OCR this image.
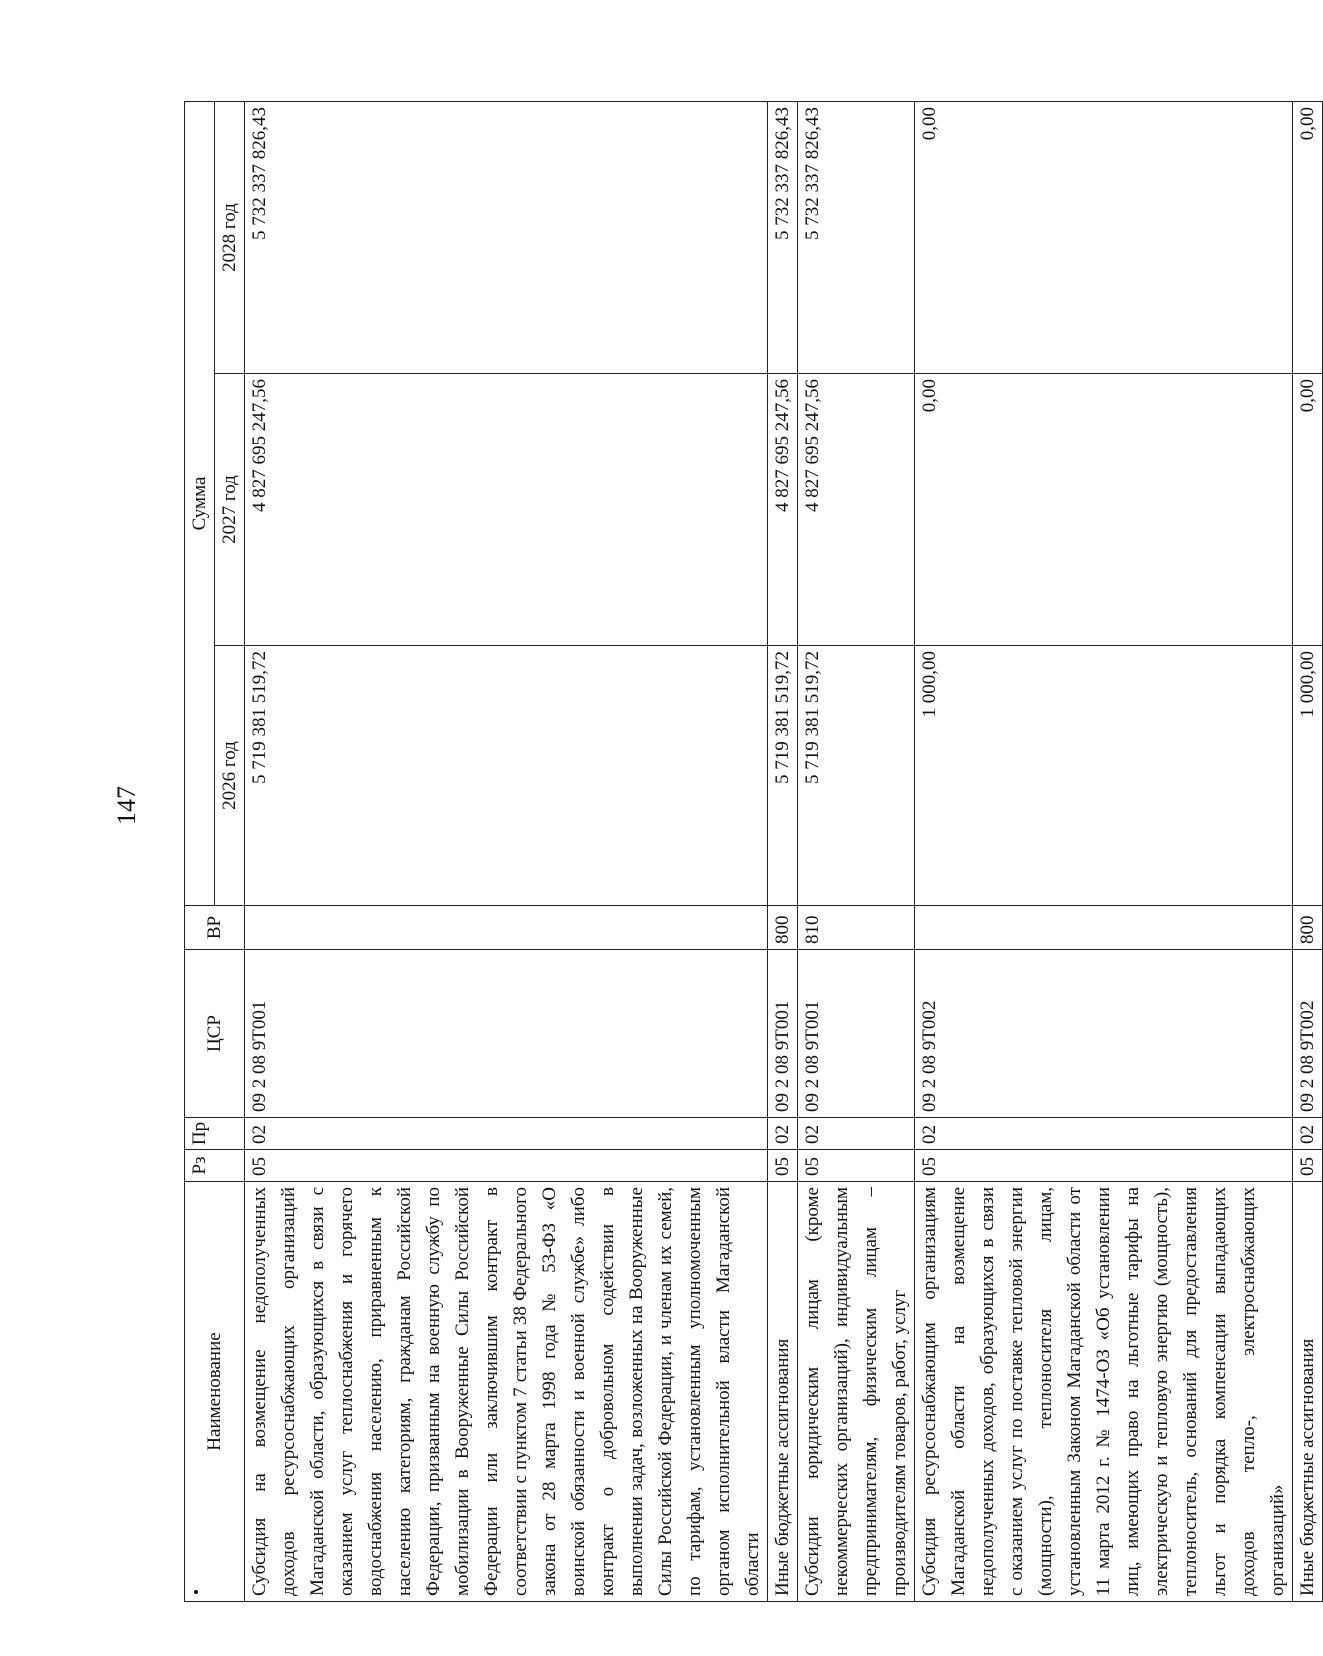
147
Наименование	Рз	Пр	ЦСР	ВР	Сумма		
					2026 год	2027 год	2028 год
Субсидия на возмещение недополученных доходов ресурсоснабжающих организаций Магаданской области, образующихся в связи с оказанием услуг теплоснабжения и горячего водоснабжения населению, приравненным к населению категориям, гражданам Российской Федерации, призванным на военную службу по мобилизации в Вооруженные Силы Российской Федерации или заключившим контракт в соответствии с пунктом 7 статьи 38 Федерального закона от 28 марта 1998 года № 53-ФЗ «О воинской обязанности и военной службе» либо контракт о добровольном содействии в выполнении задач, возложенных на Вооруженные Силы Российской Федерации, и членам их семей, по тарифам, установленным уполномоченным органом исполнительной власти Магаданской области	05	02	09 2 08 9Т001		5 719 381 519,72	4 827 695 247,56	5 732 337 826,43
Иные бюджетные ассигнования	05	02	09 2 08 9Т001	800	5 719 381 519,72	4 827 695 247,56	5 732 337 826,43
Субсидии юридическим лицам (кроме некоммерческих организаций), индивидуальным предпринимателям, физическим лицам – производителям товаров, работ, услуг	05	02	09 2 08 9Т001	810	5 719 381 519,72	4 827 695 247,56	5 732 337 826,43
Субсидия ресурсоснабжающим организациям Магаданской области на возмещение недополученных доходов, образующихся в связи с оказанием услуг по поставке тепловой энергии (мощности), теплоносителя лицам, установленным Законом Магаданской области от 11 марта 2012 г. № 1474-ОЗ «Об установлении лиц, имеющих право на льготные тарифы на электрическую и тепловую энергию (мощность), теплоноситель, оснований для предоставления льгот и порядка компенсации выпадающих доходов тепло-, электроснабжающих организаций»	05	02	09 2 08 9Т002		1 000,00	0,00	0,00
Иные бюджетные ассигнования	05	02	09 2 08 9Т002	800	1 000,00	0,00	0,00
